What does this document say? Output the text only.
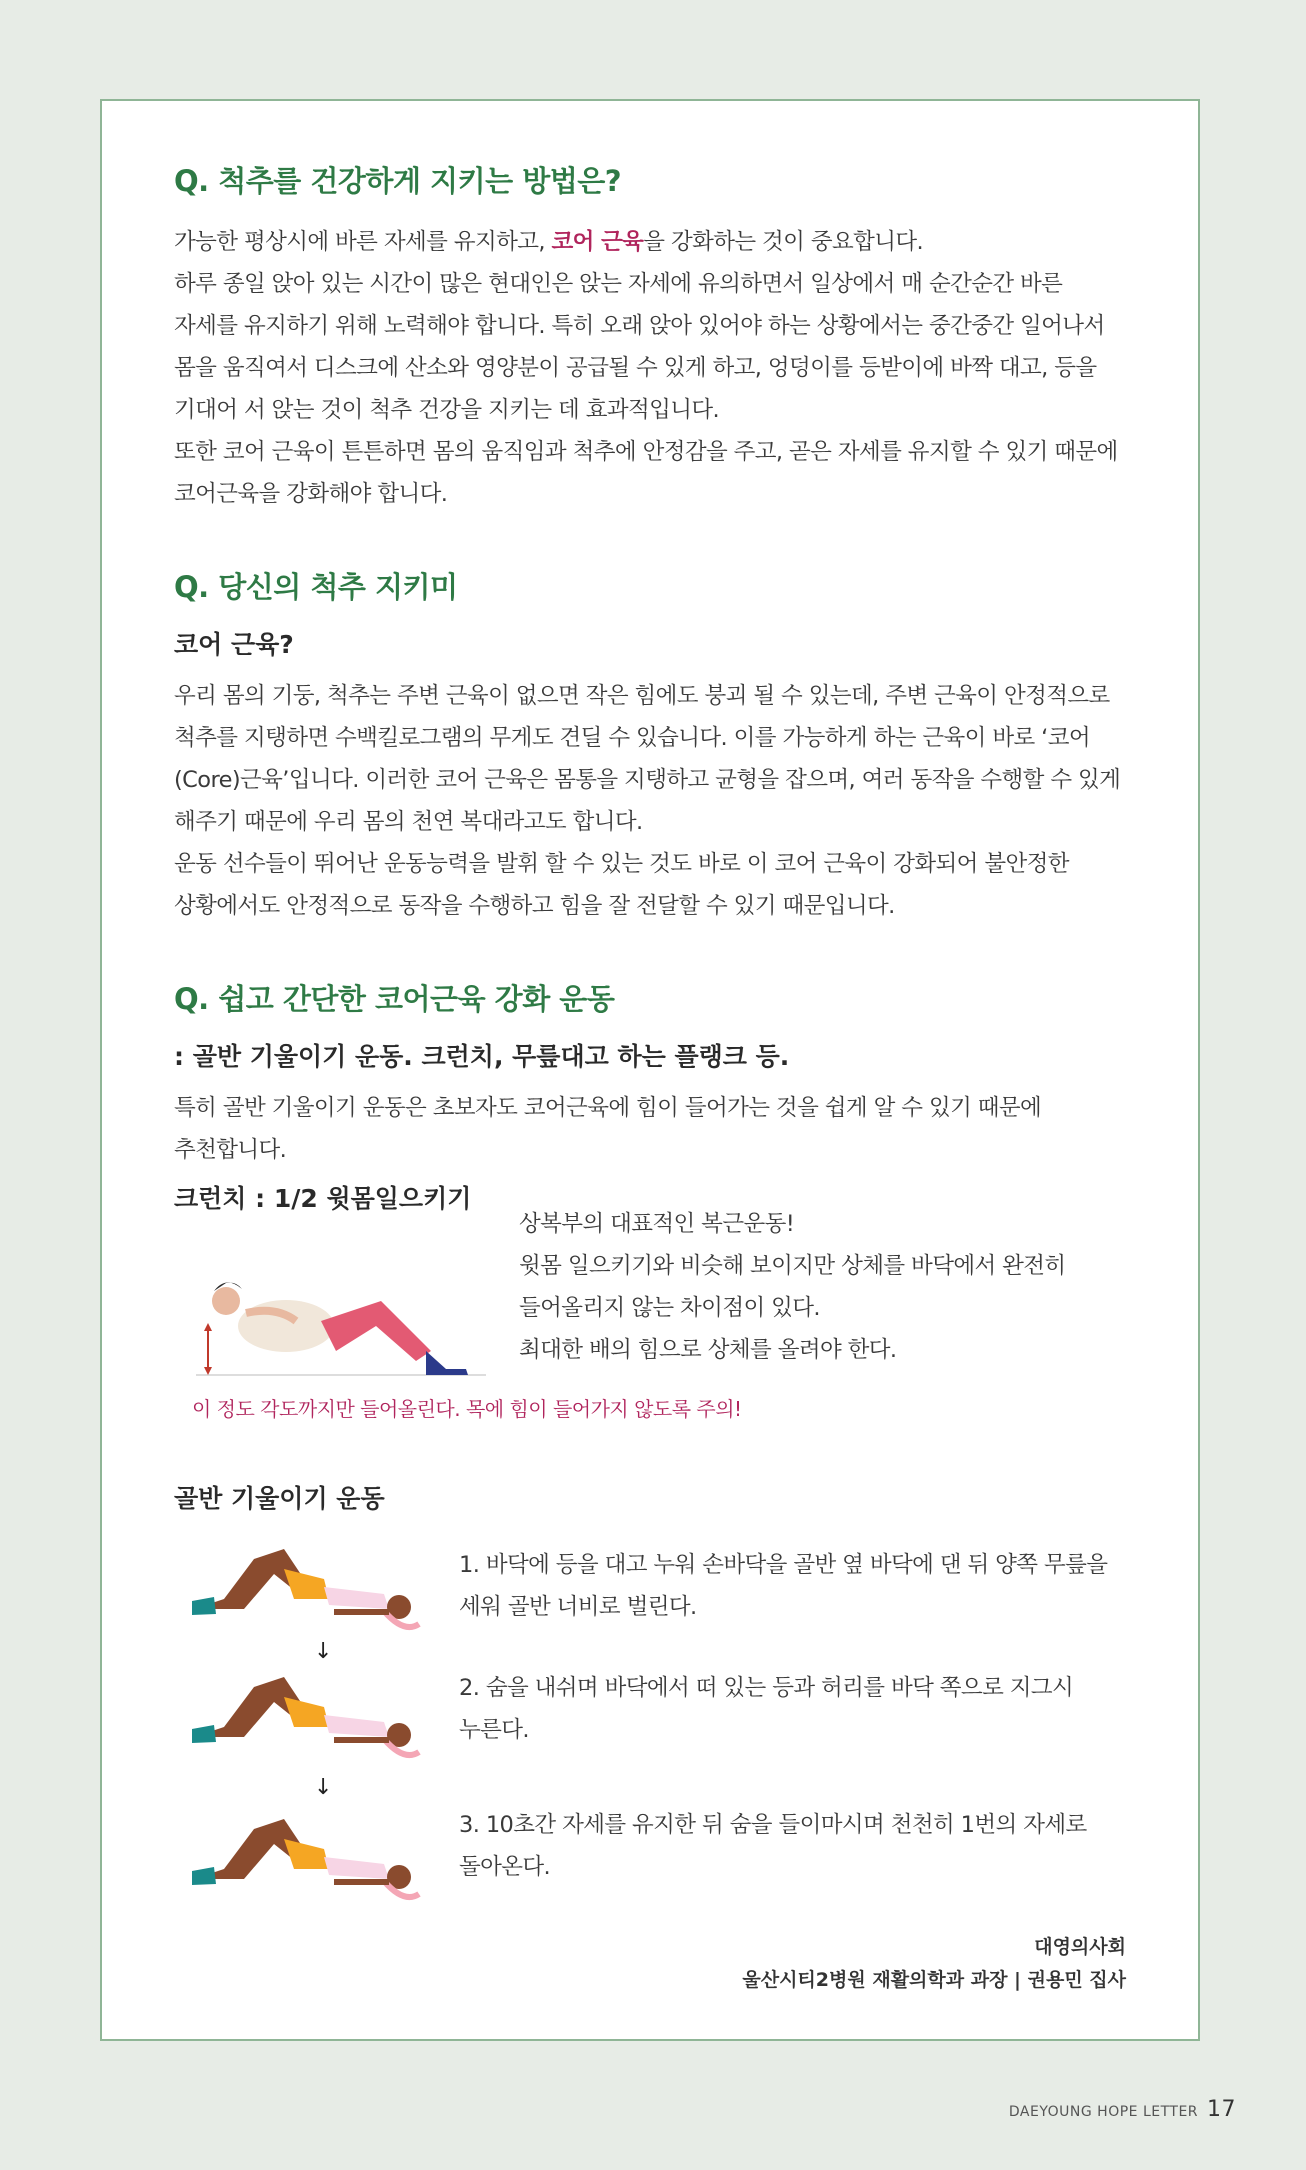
Q. 척추를 건강하게 지키는 방법은?

가능한 평상시에 바른 자세를 유지하고, 코어 근육을 강화하는 것이 중요합니다.

하루 종일 앉아 있는 시간이 많은 현대인은 앉는 자세에 유의하면서 일상에서 매 순간순간 바른 자세를 유지하기 위해 노력해야 합니다. 특히 오래 앉아 있어야 하는 상황에서는 중간중간 일어나서 몸을 움직여서 디스크에 산소와 영양분이 공급될 수 있게 하고, 엉덩이를 등받이에 바짝 대고, 등을 기대어 서 앉는 것이 척추 건강을 지키는 데 효과적입니다.

또한 코어 근육이 튼튼하면 몸의 움직임과 척추에 안정감을 주고, 곧은 자세를 유지할 수 있기 때문에 코어근육을 강화해야 합니다.

Q. 당신의 척추 지키미
코어 근육?

우리 몸의 기둥, 척추는 주변 근육이 없으면 작은 힘에도 붕괴 될 수 있는데, 주변 근육이 안정적으로 척추를 지탱하면 수백킬로그램의 무게도 견딜 수 있습니다. 이를 가능하게 하는 근육이 바로 ‘코어(Core)근육’입니다. 이러한 코어 근육은 몸통을 지탱하고 균형을 잡으며, 여러 동작을 수행할 수 있게 해주기 때문에 우리 몸의 천연 복대라고도 합니다.

운동 선수들이 뛰어난 운동능력을 발휘 할 수 있는 것도 바로 이 코어 근육이 강화되어 불안정한 상황에서도 안정적으로 동작을 수행하고 힘을 잘 전달할 수 있기 때문입니다.

Q. 쉽고 간단한 코어근육 강화 운동
: 골반 기울이기 운동. 크런치, 무릎대고 하는 플랭크 등.

특히 골반 기울이기 운동은 초보자도 코어근육에 힘이 들어가는 것을 쉽게 알 수 있기 때문에 추천합니다.

크런치 : 1/2 윗몸일으키기

상복부의 대표적인 복근운동!

윗몸 일으키기와 비슷해 보이지만 상체를 바닥에서 완전히 들어올리지 않는 차이점이 있다.

최대한 배의 힘으로 상체를 올려야 한다.

이 정도 각도까지만 들어올린다. 목에 힘이 들어가지 않도록 주의!
골반 기울이기 운동
↓
↓

1. 바닥에 등을 대고 누워 손바닥을 골반 옆 바닥에 댄 뒤 양쪽 무릎을 세워 골반 너비로 벌린다.

2. 숨을 내쉬며 바닥에서 떠 있는 등과 허리를 바닥 쪽으로 지그시 누른다.

3. 10초간 자세를 유지한 뒤 숨을 들이마시며 천천히 1번의 자세로 돌아온다.

대영의사회
울산시티2병원 재활의학과 과장 | 권용민 집사
DAEYOUNG HOPE LETTER 17
